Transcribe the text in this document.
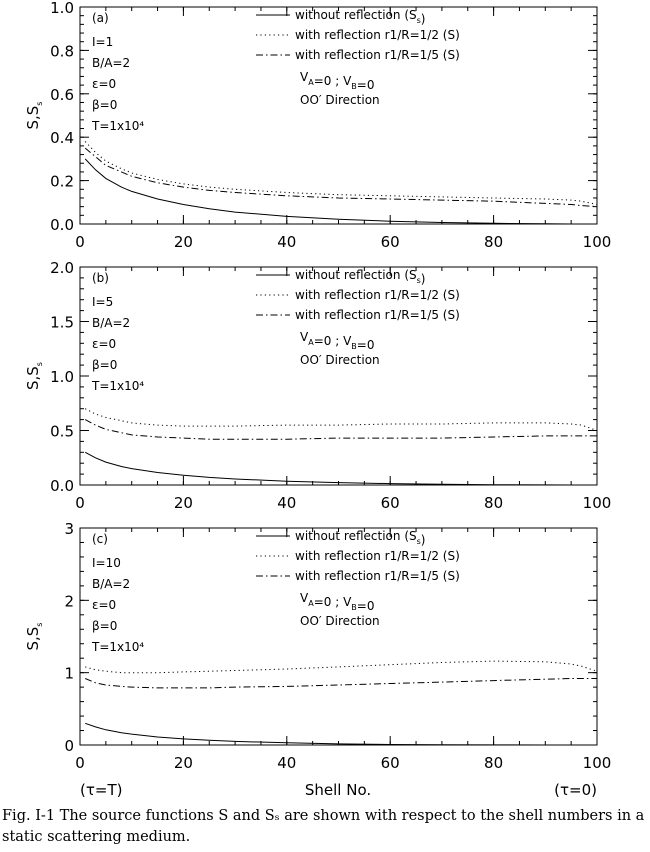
0	20	40	60	80	100
0.0
0.2
0.4
0.6
0.8
1.0
$S,S_s$
(a)
I=1
B/A=2
ε=0
β=0
T=1x10⁴
without reflection $(S_s)$
with reflection r1/R=1/2 (S)
with reflection r1/R=1/5 (S)
$V_A=0$ ; $V_B=0$
OO′ Direction
0	20	40	60	80	100
0.0
0.5
1.0
1.5
2.0
$S,S_s$
(b)
I=5
B/A=2
ε=0
β=0
T=1x10⁴
without reflection $(S_s)$
with reflection r1/R=1/2 (S)
with reflection r1/R=1/5 (S)
$V_A=0$ ; $V_B=0$
OO′ Direction
0	20	40	60	80	100
0
1
2
3
$S,S_s$
(c)
I=10
B/A=2
ε=0
β=0
T=1x10⁴
without reflection $(S_s)$
with reflection r1/R=1/2 (S)
with reflection r1/R=1/5 (S)
$V_A=0$ ; $V_B=0$
OO′ Direction
(τ=T)	Shell No.	(τ=0)
Fig. I-1 The source functions S and Sₛ are shown with respect to the shell numbers in a static scattering medium.
